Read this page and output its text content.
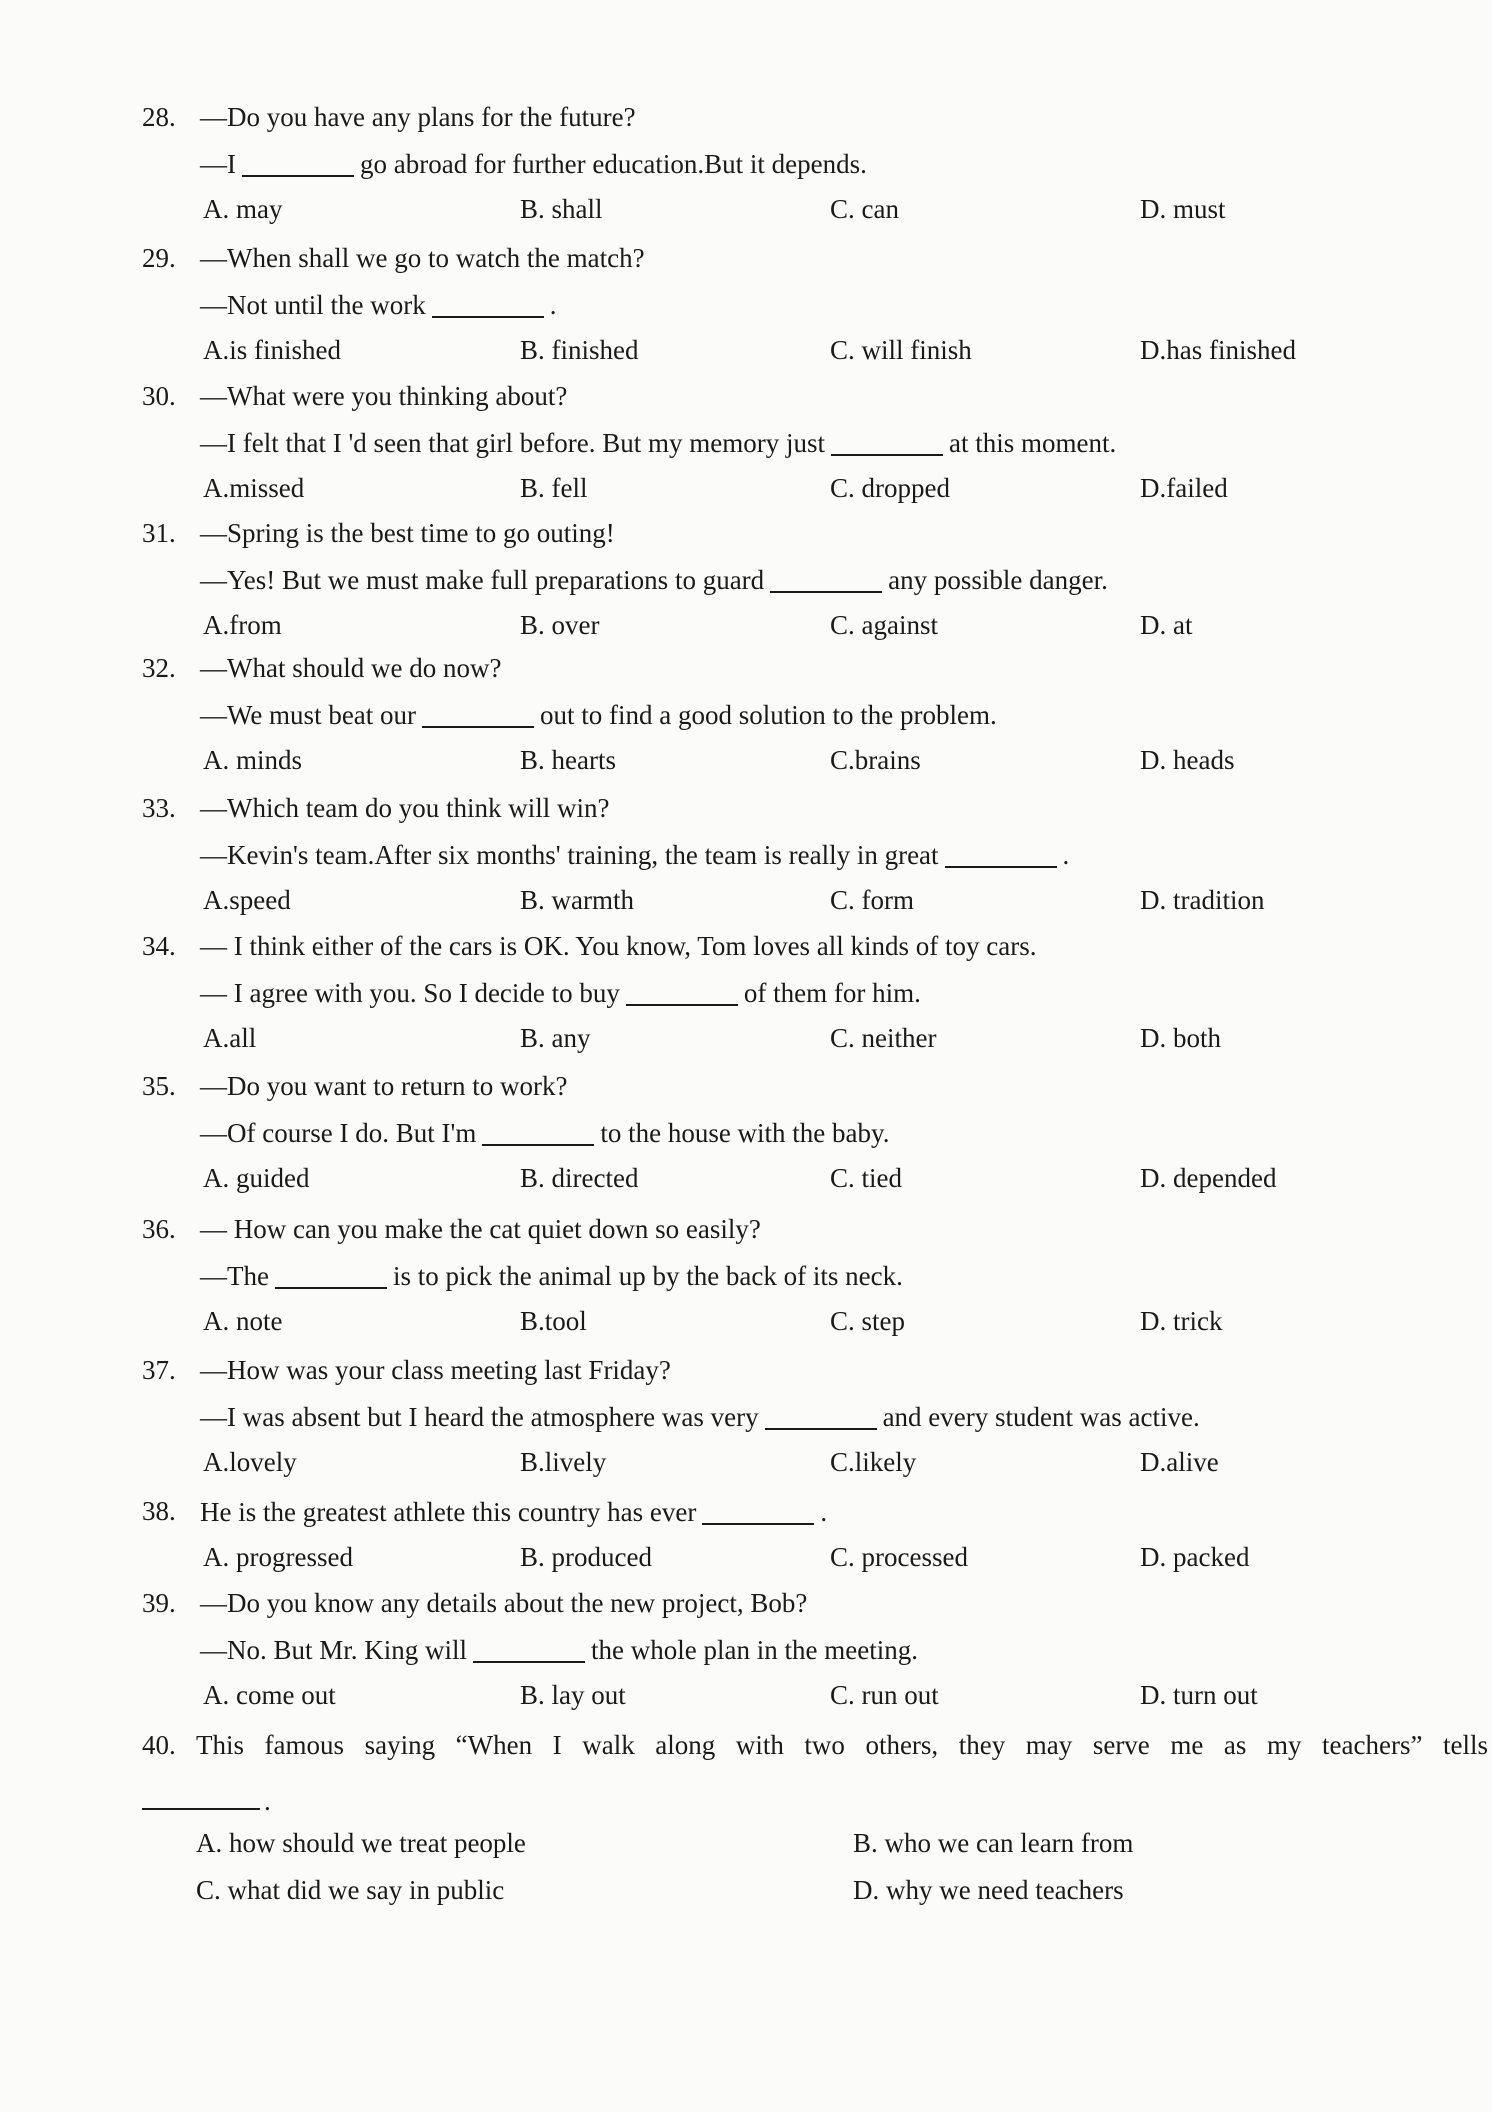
28. —Do you have any plans for the future?
—I	go abroad for further education.But it depends.
A. may	B. shall	C. can	D. must
29. —When shall we go to watch the match?
—Not until the work	.
A.is finished	B. finished	C. will finish	D.has finished
30. —What were you thinking about?
—I felt that I 'd seen that girl before. But my memory just	at this moment.
A.missed	B. fell	C. dropped	D.failed
31. —Spring is the best time to go outing!
—Yes! But we must make full preparations to guard	any possible danger.
A.from	B. over	C. against	D. at
32. —What should we do now?
—We must beat our	out to find a good solution to the problem.
A. minds	B. hearts	C.brains	D. heads
33. —Which team do you think will win?
—Kevin's team.After six months' training, the team is really in great	.
A.speed	B. warmth	C. form	D. tradition
34. — I think either of the cars is OK. You know, Tom loves all kinds of toy cars.
— I agree with you. So I decide to buy	of them for him.
A.all	B. any	C. neither	D. both
35. —Do you want to return to work?
—Of course I do. But I'm	to the house with the baby.
A. guided	B. directed	C. tied	D. depended
36. — How can you make the cat quiet down so easily?
—The	is to pick the animal up by the back of its neck.
A. note	B.tool	C. step	D. trick
37. —How was your class meeting last Friday?
—I was absent but I heard the atmosphere was very	and every student was active.
A.lovely	B.lively	C.likely	D.alive
38. He is the greatest athlete this country has ever	.
A. progressed	B. produced	C. processed	D. packed
39. —Do you know any details about the new project, Bob?
—No. But Mr. King will	the whole plan in the meeting.
A. come out	B. lay out	C. run out	D. turn out
40. This famous saying “When I walk along with two others, they may serve me as my teachers” tells
.
A. how should we treat people	B. who we can learn from
C. what did we say in public	D. why we need teachers
